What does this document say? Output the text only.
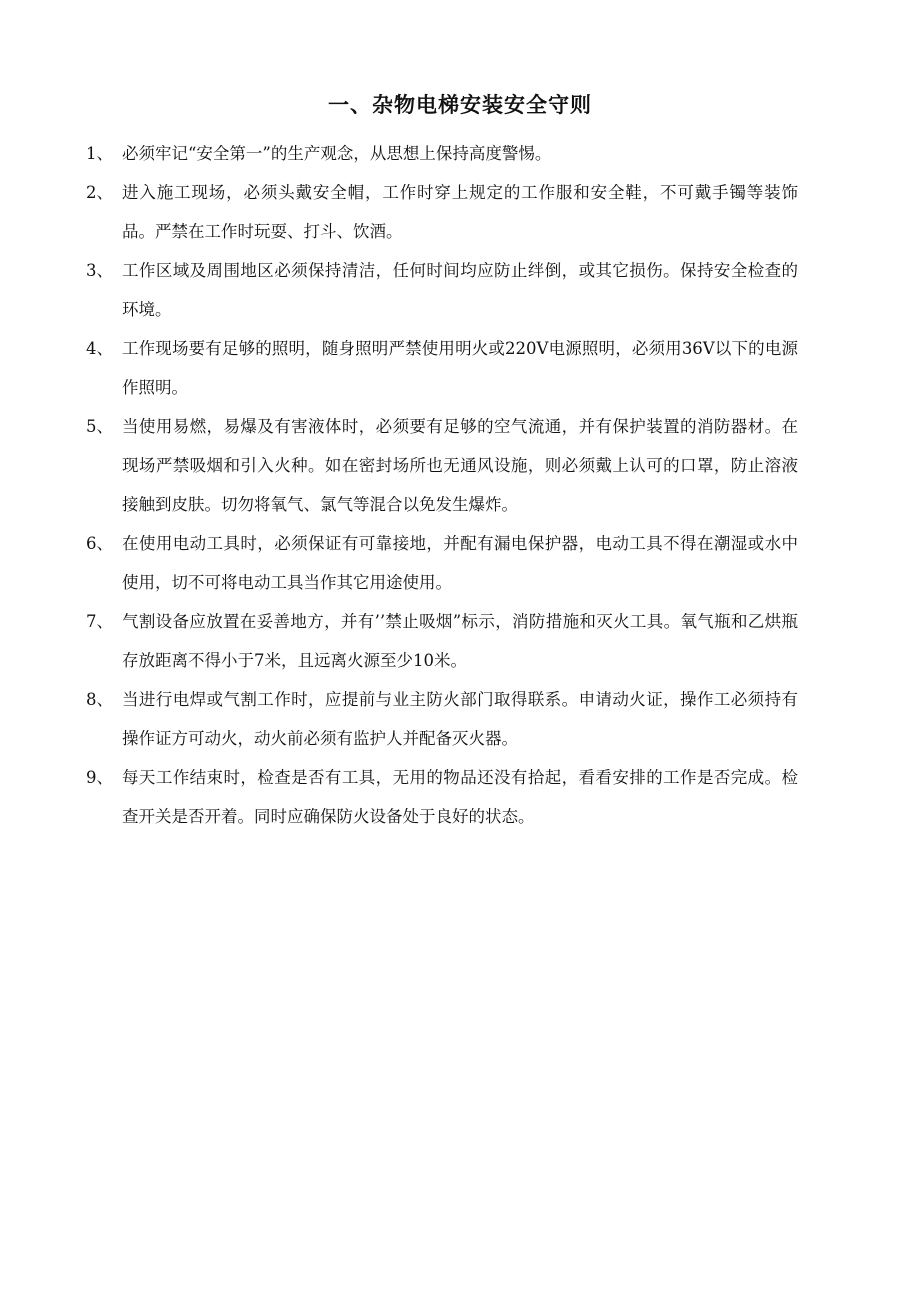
一、杂物电梯安装安全守则
1、 必须牢记“安全第一”的生产观念，从思想上保持高度警惕。
2、 进入施工现场，必须头戴安全帽，工作时穿上规定的工作服和安全鞋，不可戴手镯等装饰品。严禁在工作时玩耍、打斗、饮酒。
3、 工作区域及周围地区必须保持清洁，任何时间均应防止绊倒，或其它损伤。保持安全检查的环境。
4、 工作现场要有足够的照明，随身照明严禁使用明火或220V电源照明，必须用36V以下的电源作照明。
5、 当使用易燃，易爆及有害液体时，必须要有足够的空气流通，并有保护装置的消防器材。在现场严禁吸烟和引入火种。如在密封场所也无通风设施，则必须戴上认可的口罩，防止溶液接触到皮肤。切勿将氧气、氯气等混合以免发生爆炸。
6、 在使用电动工具时，必须保证有可靠接地，并配有漏电保护器，电动工具不得在潮湿或水中使用，切不可将电动工具当作其它用途使用。
7、 气割设备应放置在妥善地方，并有’’禁止吸烟”标示，消防措施和灭火工具。氧气瓶和乙烘瓶存放距离不得小于7米，且远离火源至少10米。
8、 当进行电焊或气割工作时，应提前与业主防火部门取得联系。申请动火证，操作工必须持有操作证方可动火，动火前必须有监护人并配备灭火器。
9、 每天工作结束时，检查是否有工具，无用的物品还没有拾起，看看安排的工作是否完成。检查开关是否开着。同时应确保防火设备处于良好的状态。
